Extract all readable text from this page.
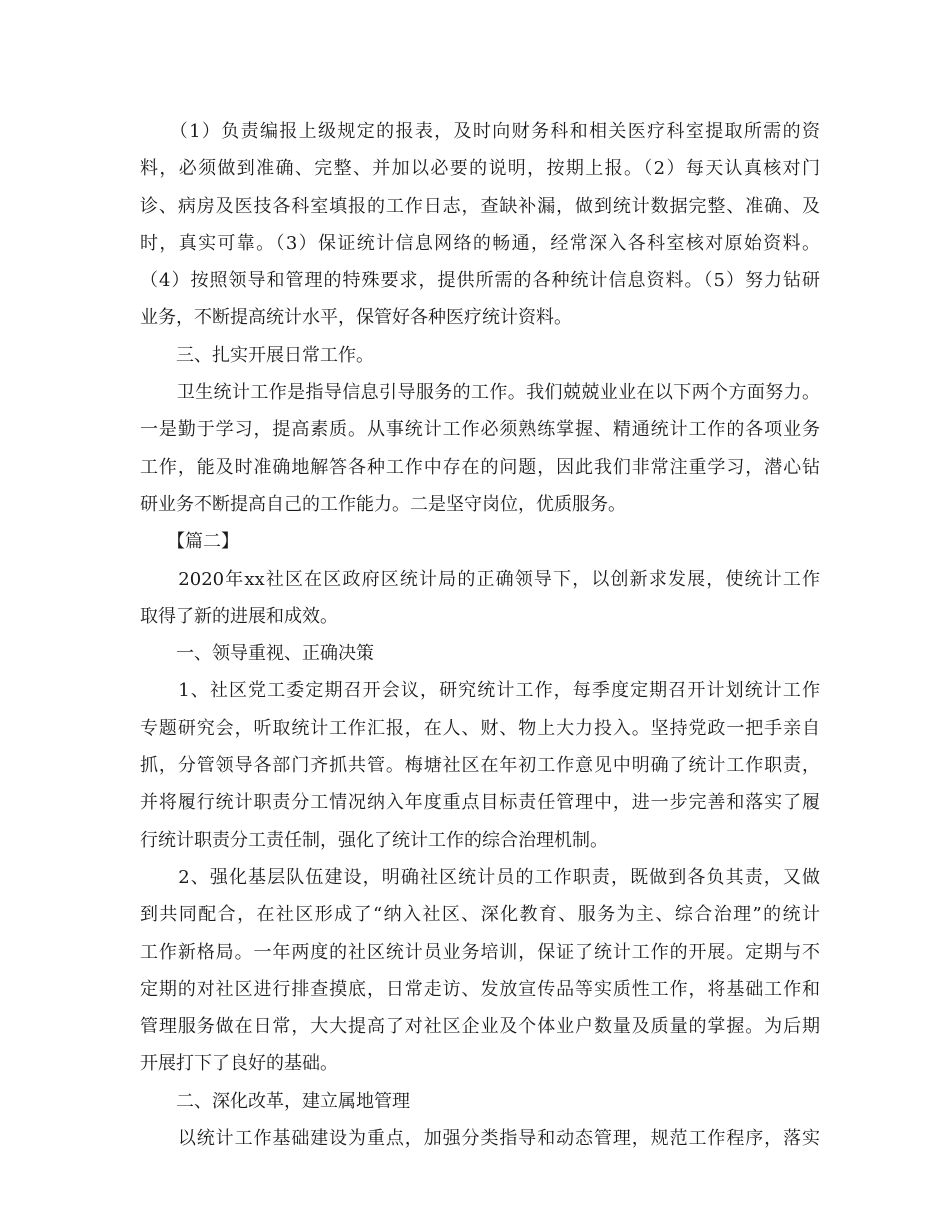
　　（1）负责编报上级规定的报表，及时向财务科和相关医疗科室提取所需的资
料，必须做到准确、完整、并加以必要的说明，按期上报。（2）每天认真核对门
诊、病房及医技各科室填报的工作日志，查缺补漏，做到统计数据完整、准确、及
时，真实可靠。（3）保证统计信息网络的畅通，经常深入各科室核对原始资料。
（4）按照领导和管理的特殊要求，提供所需的各种统计信息资料。（5）努力钻研
业务，不断提高统计水平，保管好各种医疗统计资料。
　　三、扎实开展日常工作。
　　卫生统计工作是指导信息引导服务的工作。我们兢兢业业在以下两个方面努力。
一是勤于学习，提高素质。从事统计工作必须熟练掌握、精通统计工作的各项业务
工作，能及时准确地解答各种工作中存在的问题，因此我们非常注重学习，潜心钻
研业务不断提高自己的工作能力。二是坚守岗位，优质服务。
　　【篇二】
　　2020年xx社区在区政府区统计局的正确领导下，以创新求发展，使统计工作
取得了新的进展和成效。
　　一、领导重视、正确决策
　　1、社区党工委定期召开会议，研究统计工作，每季度定期召开计划统计工作
专题研究会，听取统计工作汇报，在人、财、物上大力投入。坚持党政一把手亲自
抓，分管领导各部门齐抓共管。梅塘社区在年初工作意见中明确了统计工作职责，
并将履行统计职责分工情况纳入年度重点目标责任管理中，进一步完善和落实了履
行统计职责分工责任制，强化了统计工作的综合治理机制。
　　2、强化基层队伍建设，明确社区统计员的工作职责，既做到各负其责，又做
到共同配合，在社区形成了“纳入社区、深化教育、服务为主、综合治理”的统计
工作新格局。一年两度的社区统计员业务培训，保证了统计工作的开展。定期与不
定期的对社区进行排查摸底，日常走访、发放宣传品等实质性工作，将基础工作和
管理服务做在日常，大大提高了对社区企业及个体业户数量及质量的掌握。为后期
开展打下了良好的基础。
　　二、深化改革，建立属地管理
　　以统计工作基础建设为重点，加强分类指导和动态管理，规范工作程序，落实
